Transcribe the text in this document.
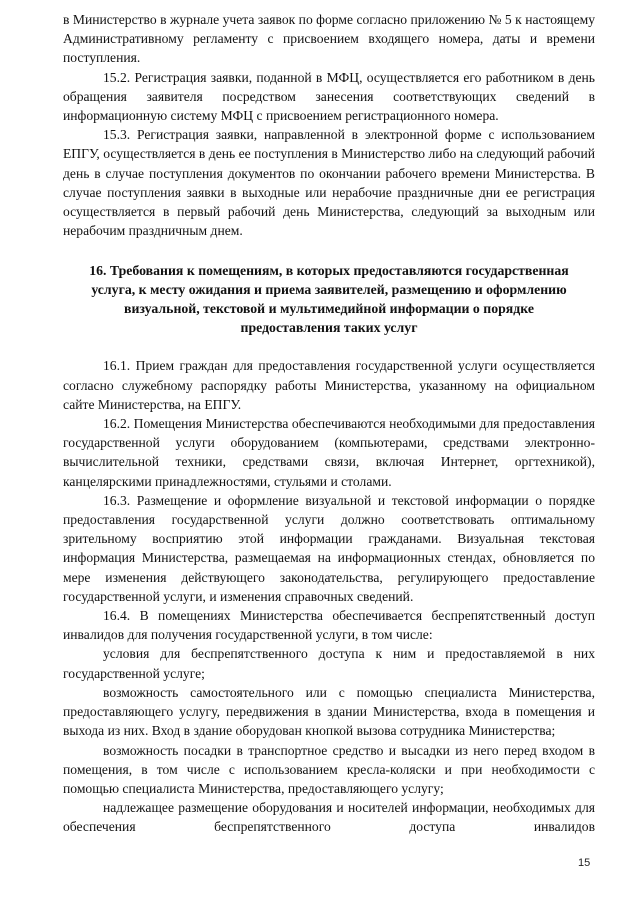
в Министерство в журнале учета заявок по форме согласно приложению № 5 к настоящему Административному регламенту с присвоением входящего номера, даты и времени поступления.

15.2. Регистрация заявки, поданной в МФЦ, осуществляется его работником в день обращения заявителя посредством занесения соответствующих сведений в информационную систему МФЦ с присвоением регистрационного номера.

15.3. Регистрация заявки, направленной в электронной форме с использованием ЕПГУ, осуществляется в день ее поступления в Министерство либо на следующий рабочий день в случае поступления документов по окончании рабочего времени Министерства. В случае поступления заявки в выходные или нерабочие праздничные дни ее регистрация осуществляется в первый рабочий день Министерства, следующий за выходным или нерабочим праздничным днем.

16. Требования к помещениям, в которых предоставляются государственная
услуга, к месту ожидания и приема заявителей, размещению и оформлению
визуальной, текстовой и мультимедийной информации о порядке
предоставления таких услуг

16.1. Прием граждан для предоставления государственной услуги осуществляется согласно служебному распорядку работы Министерства, указанному на официальном сайте Министерства, на ЕПГУ.

16.2. Помещения Министерства обеспечиваются необходимыми для предоставления государственной услуги оборудованием (компьютерами, средствами электронно-вычислительной техники, средствами связи, включая Интернет, оргтехникой), канцелярскими принадлежностями, стульями и столами.

16.3. Размещение и оформление визуальной и текстовой информации о порядке предоставления государственной услуги должно соответствовать оптимальному зрительному восприятию этой информации гражданами. Визуальная текстовая информация Министерства, размещаемая на информационных стендах, обновляется по мере изменения действующего законодательства, регулирующего предоставление государственной услуги, и изменения справочных сведений.

16.4. В помещениях Министерства обеспечивается беспрепятственный доступ инвалидов для получения государственной услуги, в том числе:

условия для беспрепятственного доступа к ним и предоставляемой в них государственной услуге;

возможность самостоятельного или с помощью специалиста Министерства, предоставляющего услугу, передвижения в здании Министерства, входа в помещения и выхода из них. Вход в здание оборудован кнопкой вызова сотрудника Министерства;

возможность посадки в транспортное средство и высадки из него перед входом в помещения, в том числе с использованием кресла-коляски и при необходимости с помощью специалиста Министерства, предоставляющего услугу;

надлежащее размещение оборудования и носителей информации, необходимых для обеспечения беспрепятственного доступа инвалидов

15
